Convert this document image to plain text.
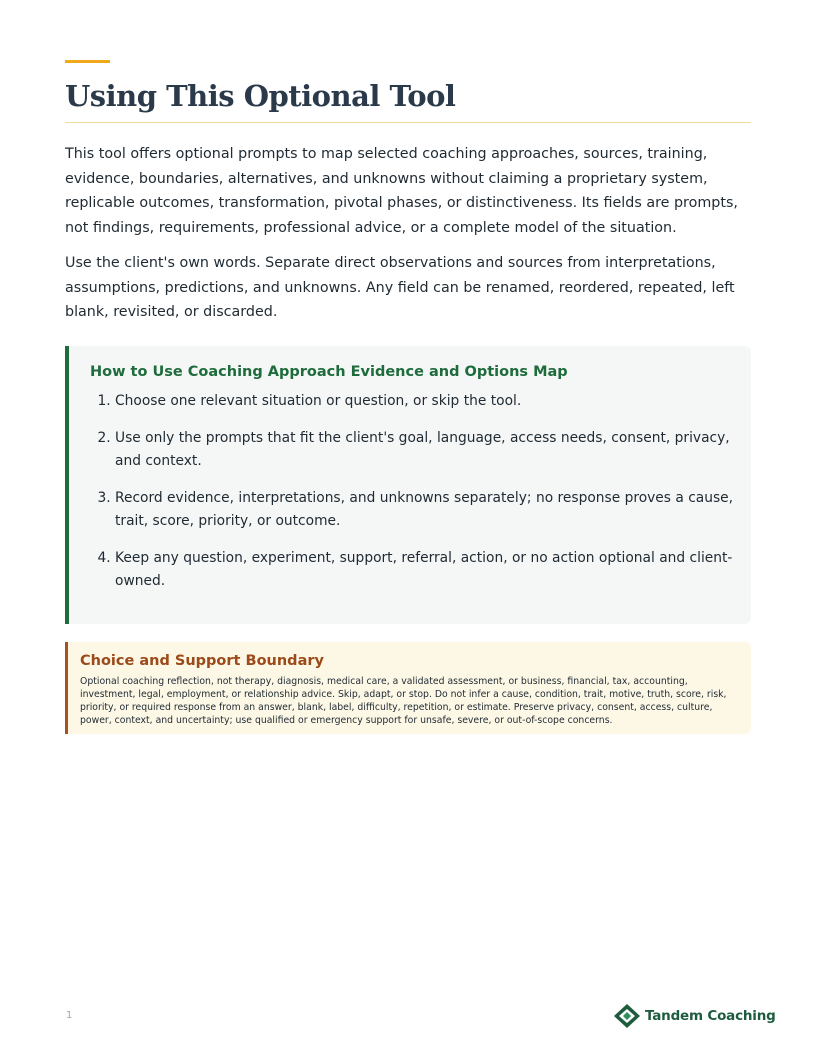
Using This Optional Tool

This tool offers optional prompts to map selected coaching approaches, sources, training, evidence, boundaries, alternatives, and unknowns without claiming a proprietary system, replicable outcomes, transformation, pivotal phases, or distinctiveness. Its fields are prompts, not findings, requirements, professional advice, or a complete model of the situation.

Use the client's own words. Separate direct observations and sources from interpretations, assumptions, predictions, and unknowns. Any field can be renamed, reordered, repeated, left blank, revisited, or discarded.

How to Use Coaching Approach Evidence and Options Map
1. Choose one relevant situation or question, or skip the tool.
2. Use only the prompts that fit the client's goal, language, access needs, consent, privacy, and context.
3. Record evidence, interpretations, and unknowns separately; no response proves a cause, trait, score, priority, or outcome.
4. Keep any question, experiment, support, referral, action, or no action optional and client-owned.
Choice and Support Boundary

Optional coaching reflection, not therapy, diagnosis, medical care, a validated assessment, or business, financial, tax, accounting, investment, legal, employment, or relationship advice. Skip, adapt, or stop. Do not infer a cause, condition, trait, motive, truth, score, risk, priority, or required response from an answer, blank, label, difficulty, repetition, or estimate. Preserve privacy, consent, access, culture, power, context, and uncertainty; use qualified or emergency support for unsafe, severe, or out-of-scope concerns.

1	Tandem Coaching
